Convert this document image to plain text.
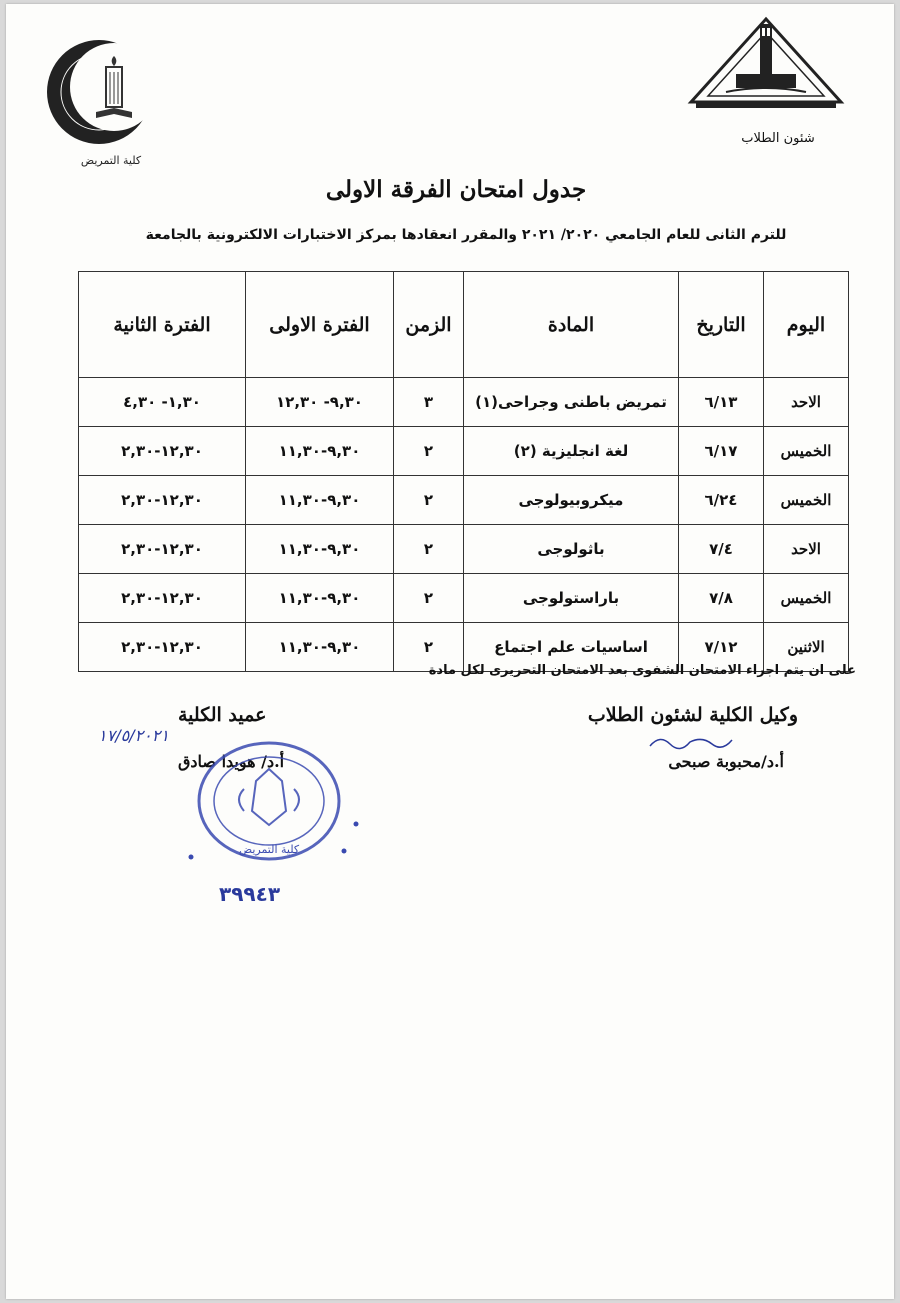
كلية التمريض
شئون الطلاب
جدول امتحان الفرقة الاولى
للترم الثانى للعام الجامعي ٢٠٢٠/ ٢٠٢١ والمقرر انعقادها بمركز الاختبارات الالكترونية بالجامعة
اليوم	التاريخ	المادة	الزمن	الفترة الاولى	الفترة الثانية
الاحد	٦/١٣	تمريض باطنى وجراحى(١)	٣	٩,٣٠- ١٢,٣٠	١,٣٠- ٤,٣٠
الخميس	٦/١٧	لغة انجليزية (٢)	٢	٩,٣٠-١١,٣٠	١٢,٣٠-٢,٣٠
الخميس	٦/٢٤	ميكروبيولوجى	٢	٩,٣٠-١١,٣٠	١٢,٣٠-٢,٣٠
الاحد	٧/٤	باثولوجى	٢	٩,٣٠-١١,٣٠	١٢,٣٠-٢,٣٠
الخميس	٧/٨	باراستولوجى	٢	٩,٣٠-١١,٣٠	١٢,٣٠-٢,٣٠
الاثنين	٧/١٢	اساسيات علم اجتماع	٢	٩,٣٠-١١,٣٠	١٢,٣٠-٢,٣٠
على ان يتم اجراء الامتحان الشفوى بعد الامتحان التحريرى لكل مادة
وكيل الكلية لشئون الطلاب
أ.د/محبوبة صبحى
عميد الكلية
١٧/٥/٢٠٢١
أ.د/ هويدا صادق
كلية التمريض
٣٩٩٤٣
